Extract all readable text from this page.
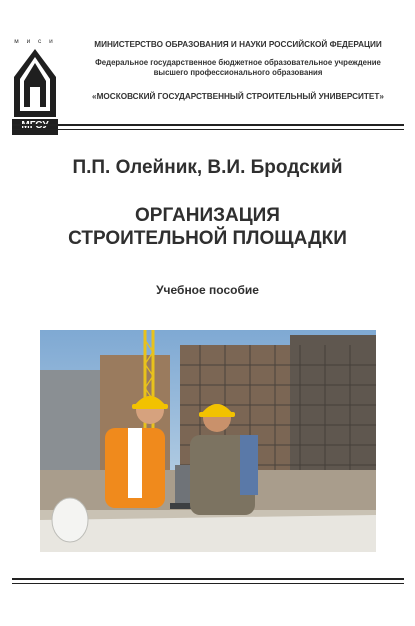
м и с и	МИНИСТЕРСТВО ОБРАЗОВАНИЯ И НАУКИ РОССИЙСКОЙ ФЕДЕРАЦИИ
Федеральное государственное бюджетное образовательное учреждение
высшего профессионального образования
«МОСКОВСКИЙ ГОСУДАРСТВЕННЫЙ СТРОИТЕЛЬНЫЙ УНИВЕРСИТЕТ»
П.П. Олейник, В.И. Бродский
ОРГАНИЗАЦИЯ
СТРОИТЕЛЬНОЙ ПЛОЩАДКИ
Учебное пособие
